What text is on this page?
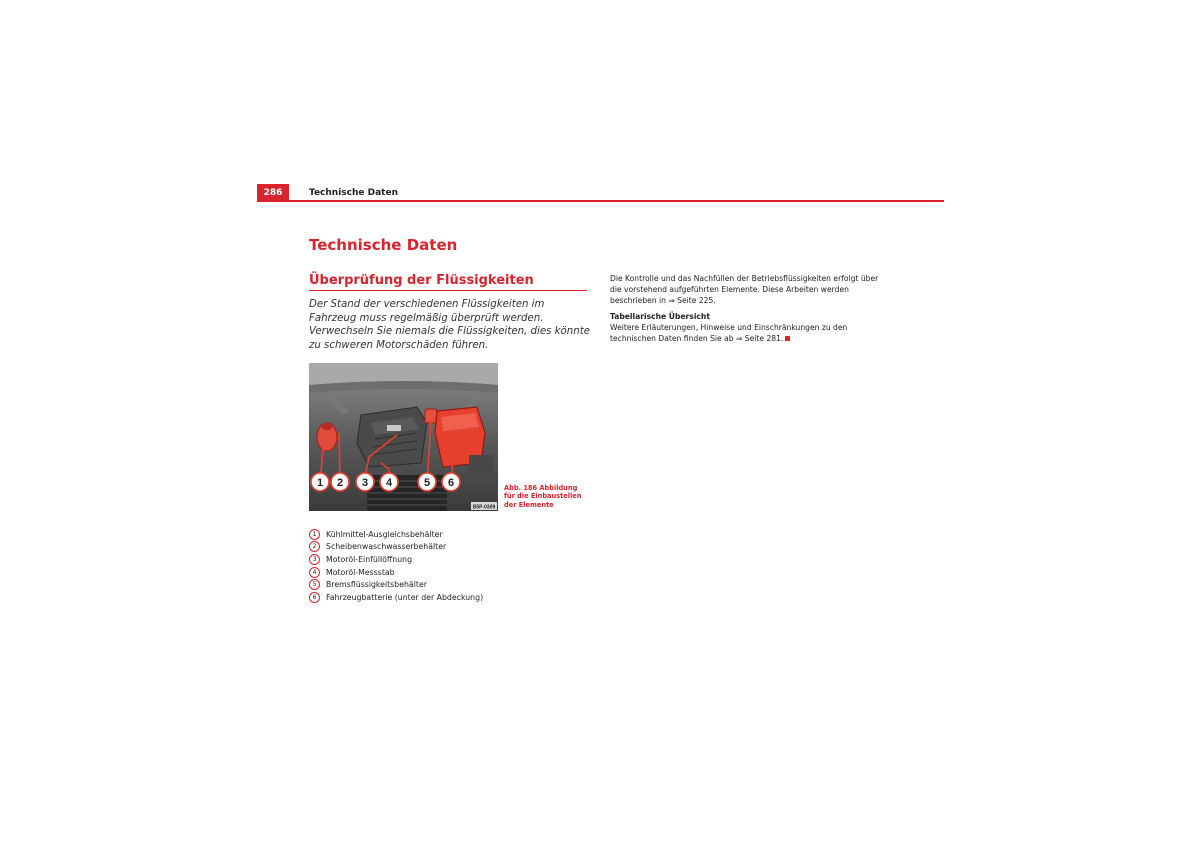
286	Technische Daten
Technische Daten
Überprüfung der Flüssigkeiten
Der Stand der verschiedenen Flüssigkeiten im Fahrzeug muss regelmäßig überprüft werden. Verwechseln Sie niemals die Flüssigkeiten, dies könnte zu schweren Motorschäden führen.
1 2 3 4	5 6
B5P-0309
Abb. 186 Abbildung für die Einbaustellen der Elemente
1	Kühlmittel-Ausgleichsbehälter
2	Scheibenwaschwasserbehälter
3	Motoröl-Einfüllöffnung
4	Motoröl-Messstab
5	Bremsflüssigkeitsbehälter
6	Fahrzeugbatterie (unter der Abdeckung)

Die Kontrolle und das Nachfüllen der Betriebsflüssigkeiten erfolgt über die vorstehend aufgeführten Elemente. Diese Arbeiten werden beschrieben in ⇒ Seite 225.

Tabellarische Übersicht

Weitere Erläuterungen, Hinweise und Einschränkungen zu den technischen Daten finden Sie ab ⇒ Seite 281.
